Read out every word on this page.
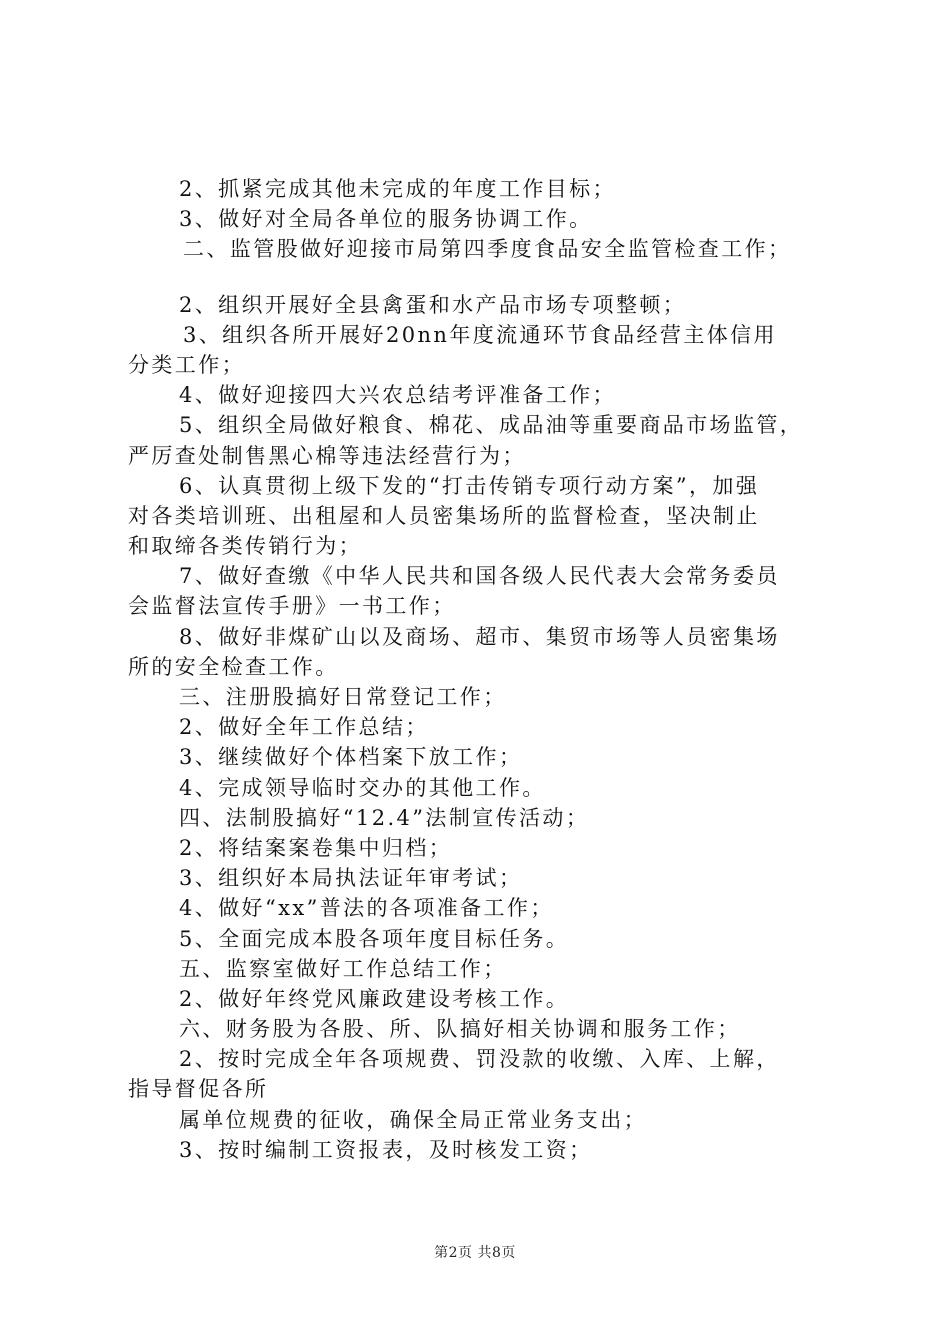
2、抓紧完成其他未完成的年度工作目标；
3、做好对全局各单位的服务协调工作。
二、监管股做好迎接市局第四季度食品安全监管检查工作；
2、组织开展好全县禽蛋和水产品市场专项整顿；
3、组织各所开展好20nn年度流通环节食品经营主体信用
分类工作；
4、做好迎接四大兴农总结考评准备工作；
5、组织全局做好粮食、棉花、成品油等重要商品市场监管，
严厉查处制售黑心棉等违法经营行为；
6、认真贯彻上级下发的“打击传销专项行动方案”，加强
对各类培训班、出租屋和人员密集场所的监督检查，坚决制止
和取缔各类传销行为；
7、做好查缴《中华人民共和国各级人民代表大会常务委员
会监督法宣传手册》一书工作；
8、做好非煤矿山以及商场、超市、集贸市场等人员密集场
所的安全检查工作。
三、注册股搞好日常登记工作；
2、做好全年工作总结；
3、继续做好个体档案下放工作；
4、完成领导临时交办的其他工作。
四、法制股搞好“12.4”法制宣传活动；
2、将结案案卷集中归档；
3、组织好本局执法证年审考试；
4、做好“xx”普法的各项准备工作；
5、全面完成本股各项年度目标任务。
五、监察室做好工作总结工作；
2、做好年终党风廉政建设考核工作。
六、财务股为各股、所、队搞好相关协调和服务工作；
2、按时完成全年各项规费、罚没款的收缴、入库、上解，
指导督促各所
属单位规费的征收，确保全局正常业务支出；
3、按时编制工资报表，及时核发工资；
第2页 共8页
